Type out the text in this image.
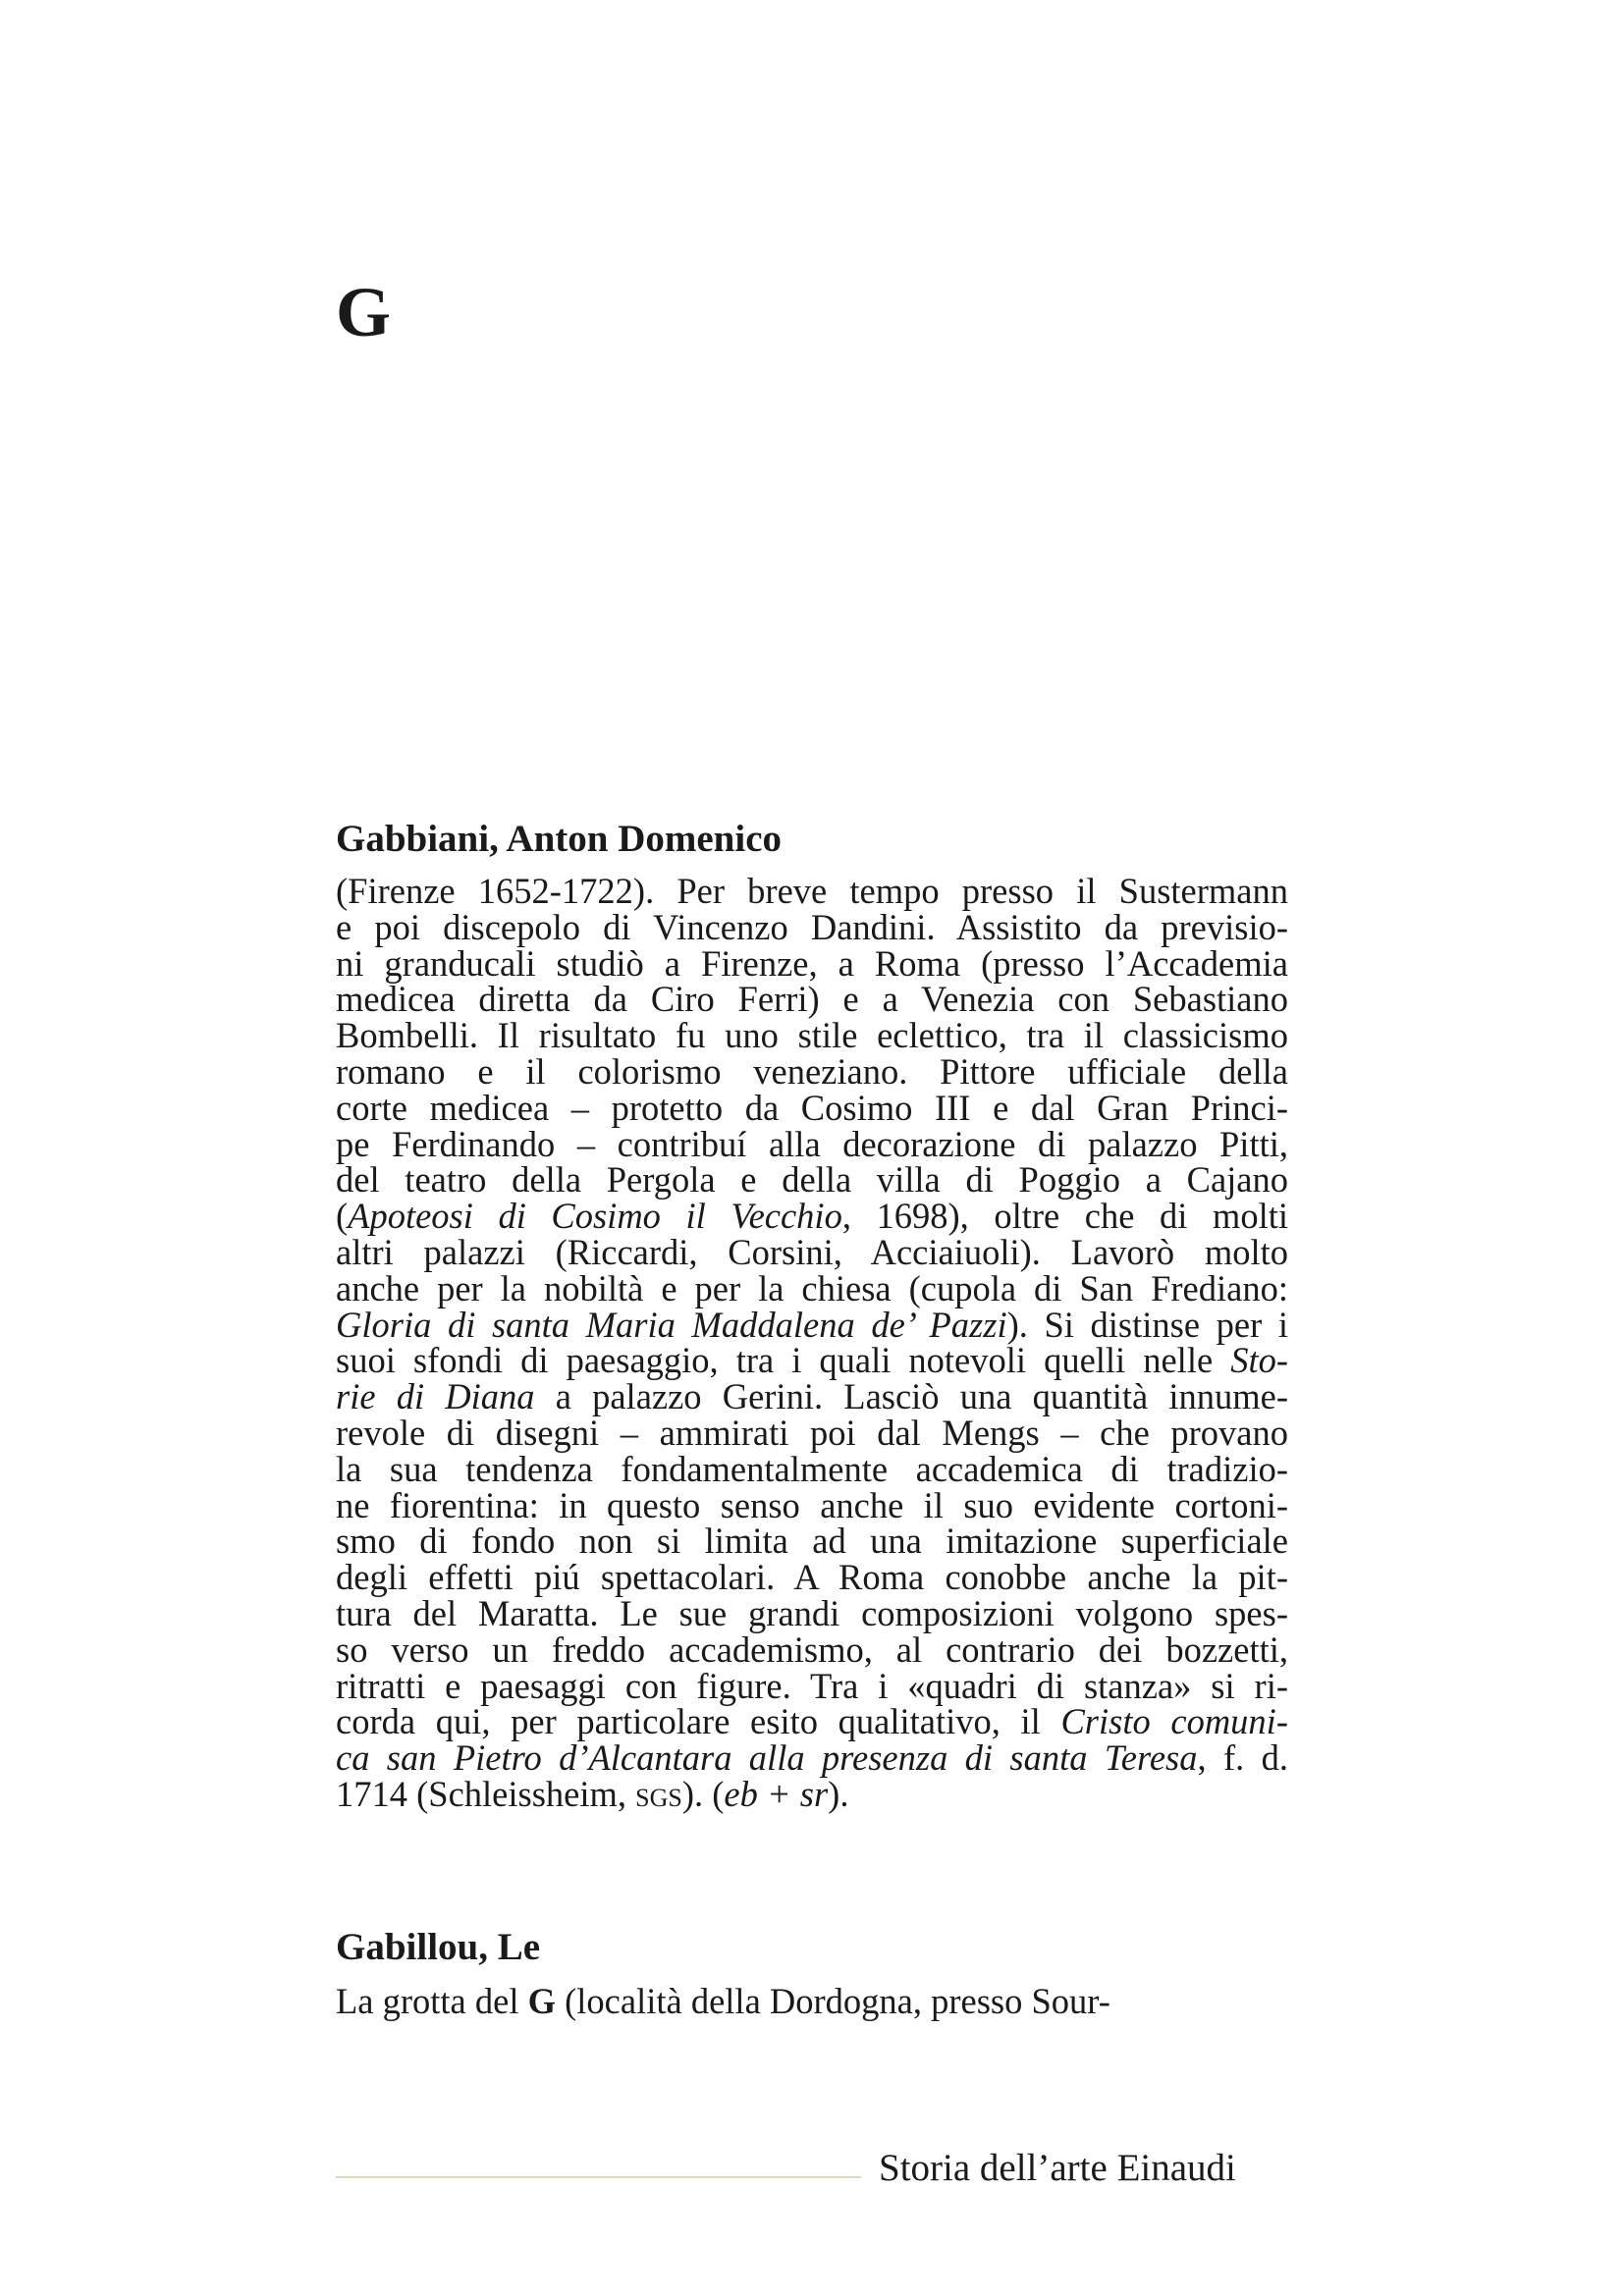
G
Gabbiani, Anton Domenico
(Firenze 1652-1722). Per breve tempo presso il Sustermann
e poi discepolo di Vincenzo Dandini. Assistito da previsio-
ni granducali studiò a Firenze, a Roma (presso l’Accademia
medicea diretta da Ciro Ferri) e a Venezia con Sebastiano
Bombelli. Il risultato fu uno stile eclettico, tra il classicismo
romano e il colorismo veneziano. Pittore ufficiale della
corte medicea – protetto da Cosimo III e dal Gran Princi-
pe Ferdinando – contribuí alla decorazione di palazzo Pitti,
del teatro della Pergola e della villa di Poggio a Cajano
(Apoteosi di Cosimo il Vecchio, 1698), oltre che di molti
altri palazzi (Riccardi, Corsini, Acciaiuoli). Lavorò molto
anche per la nobiltà e per la chiesa (cupola di San Frediano:
Gloria di santa Maria Maddalena de’ Pazzi). Si distinse per i
suoi sfondi di paesaggio, tra i quali notevoli quelli nelle Sto-
rie di Diana a palazzo Gerini. Lasciò una quantità innume-
revole di disegni – ammirati poi dal Mengs – che provano
la sua tendenza fondamentalmente accademica di tradizio-
ne fiorentina: in questo senso anche il suo evidente cortoni-
smo di fondo non si limita ad una imitazione superficiale
degli effetti piú spettacolari. A Roma conobbe anche la pit-
tura del Maratta. Le sue grandi composizioni volgono spes-
so verso un freddo accademismo, al contrario dei bozzetti,
ritratti e paesaggi con figure. Tra i «quadri di stanza» si ri-
corda qui, per particolare esito qualitativo, il Cristo comuni-
ca san Pietro d’Alcantara alla presenza di santa Teresa, f. d.
1714 (Schleissheim, sgs). (eb + sr).
Gabillou, Le
La grotta del G (località della Dordogna, presso Sour-

Storia dell’arte Einaudi
